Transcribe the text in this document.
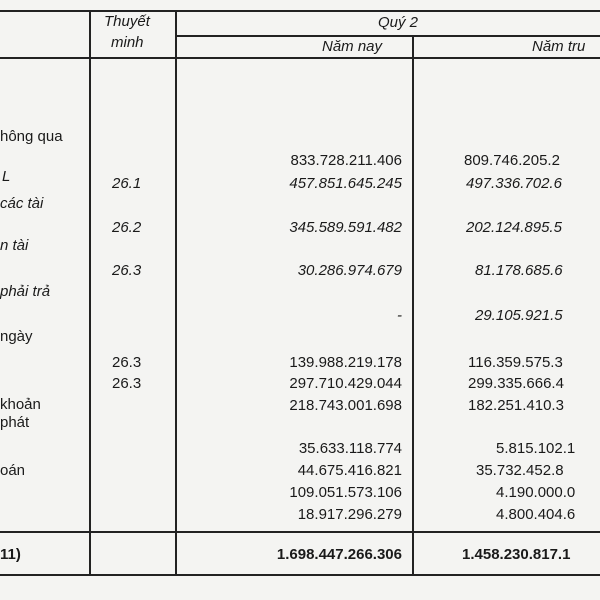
Thuyết
minh
Quý 2
Năm nay	Năm tru
hông qua
L
các tài
n tài
phải trả
ngày
khoản
phát
oán
11)
26.1
26.2
26.3
26.3
26.3
833.728.211.406
457.851.645.245
345.589.591.482
30.286.974.679
-
139.988.219.178
297.710.429.044
218.743.001.698
35.633.118.774
44.675.416.821
109.051.573.106
18.917.296.279
1.698.447.266.306
809.746.205.2
497.336.702.6
202.124.895.5
81.178.685.6
29.105.921.5
116.359.575.3
299.335.666.4
182.251.410.3
5.815.102.1
35.732.452.8
4.190.000.0
4.800.404.6
1.458.230.817.1
